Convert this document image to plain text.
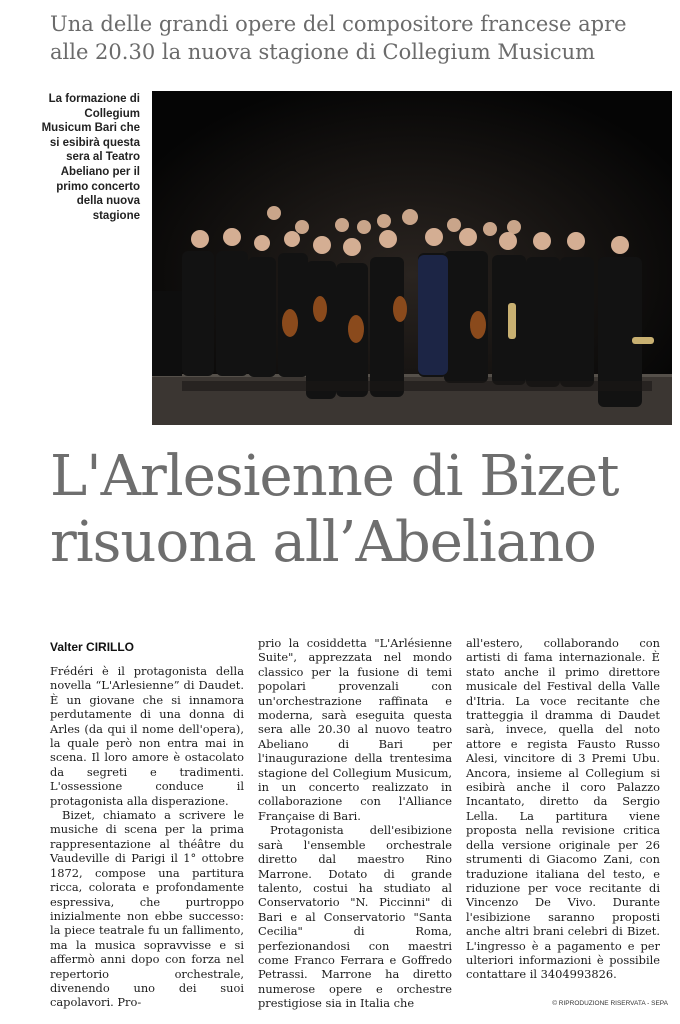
Una delle grandi opere del compositore francese apre alle 20.30 la nuova stagione di Collegium Musicum
La formazione di Collegium Musicum Bari che si esibirà questa sera al Teatro Abeliano per il primo concerto della nuova stagione
L'Arlesienne di Bizet
risuona all’Abeliano
Valter CIRILLO

Frédéri è il protagonista della novella “L'Arlesienne” di Daudet. È un giovane che si innamora perdutamente di una donna di Arles (da qui il nome dell'opera), la quale però non entra mai in scena. Il loro amore è ostacolato da segreti e tradimenti. L'ossessione conduce il protagonista alla disperazione.

Bizet, chiamato a scrivere le musiche di scena per la prima rappresentazione al théâtre du Vaudeville di Parigi il 1° ottobre 1872, compose una partitura ricca, colorata e profondamente espressiva, che purtroppo inizialmente non ebbe successo: la piece teatrale fu un fallimento, ma la musica sopravvisse e si affermò anni dopo con forza nel repertorio orchestrale, divenendo uno dei suoi capolavori. Pro-

prio la cosiddetta "L'Arlésienne Suite", apprezzata nel mondo classico per la fusione di temi popolari provenzali con un'orchestrazione raffinata e moderna, sarà eseguita questa sera alle 20.30 al nuovo teatro Abeliano di Bari per l'inaugurazione della trentesima stagione del Collegium Musicum, in un concerto realizzato in collaborazione con l'Alliance Française di Bari.

Protagonista dell'esibizione sarà l'ensemble orchestrale diretto dal maestro Rino Marrone. Dotato di grande talento, costui ha studiato al Conservatorio "N. Piccinni" di Bari e al Conservatorio "Santa Cecilia" di Roma, perfezionandosi con maestri come Franco Ferrara e Goffredo Petrassi. Marrone ha diretto numerose opere e orchestre prestigiose sia in Italia che

all'estero, collaborando con artisti di fama internazionale. È stato anche il primo direttore musicale del Festival della Valle d'Itria. La voce recitante che tratteggia il dramma di Daudet sarà, invece, quella del noto attore e regista Fausto Russo Alesi, vincitore di 3 Premi Ubu. Ancora, insieme al Collegium si esibirà anche il coro Palazzo Incantato, diretto da Sergio Lella. La partitura viene proposta nella revisione critica della versione originale per 26 strumenti di Giacomo Zani, con traduzione italiana del testo, e riduzione per voce recitante di Vincenzo De Vivo. Durante l'esibizione saranno proposti anche altri brani celebri di Bizet. L'ingresso è a pagamento e per ulteriori informazioni è possibile contattare il 3404993826.

© RIPRODUZIONE RISERVATA - SEPA
